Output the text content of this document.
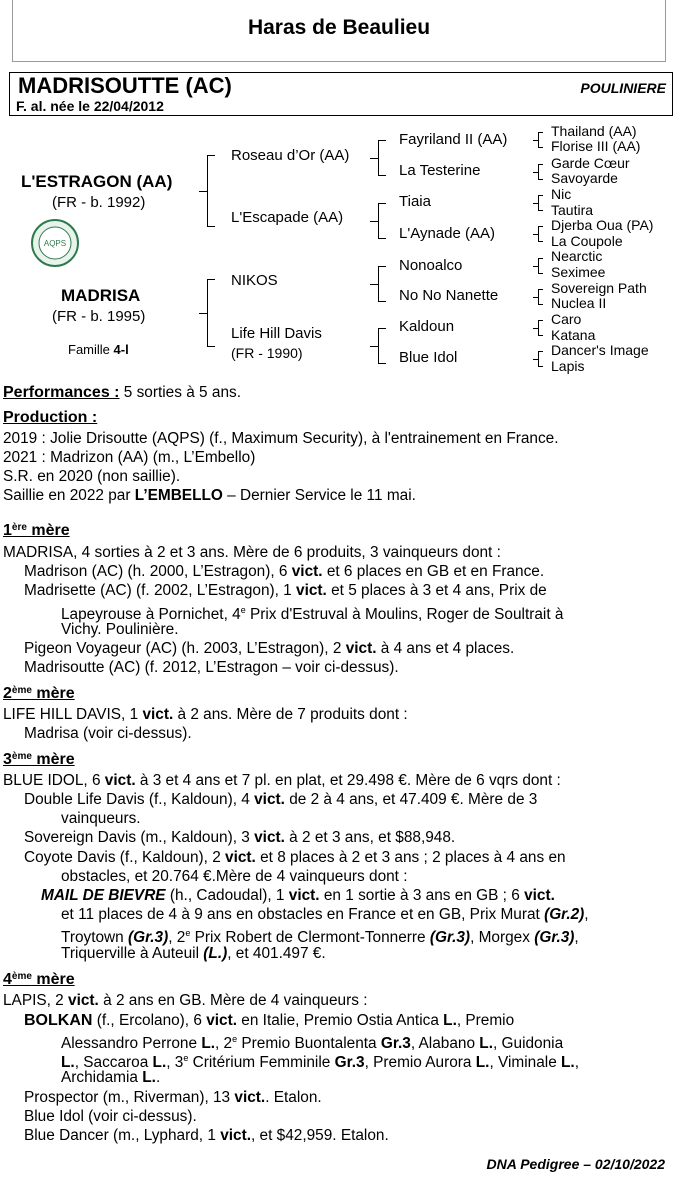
Haras de Beaulieu
MADRISOUTTE (AC)	POULINIERE
F. al. née le 22/04/2012
L'ESTRAGON (AA)
(FR - b. 1992)
AQPS
MADRISA
(FR - b. 1995)
Famille 4-l
Roseau d’Or (AA)
L'Escapade (AA)
NIKOS
Life Hill Davis
(FR - 1990)
Fayriland II (AA)
La Testerine
Tiaia
L'Aynade (AA)
Nonoalco
No No Nanette
Kaldoun
Blue Idol
Thailand (AA)
Florise III (AA)
Garde Cœur
Savoyarde
Nic
Tautira
Djerba Oua (PA)
La Coupole
Nearctic
Seximee
Sovereign Path
Nuclea II
Caro
Katana
Dancer's Image
Lapis
Performances : 5 sorties à 5 ans.
Production :
2019 : Jolie Drisoutte (AQPS) (f., Maximum Security), à l'entrainement en France.
2021 : Madrizon (AA) (m., L’Embello)
S.R. en 2020 (non saillie).
Saillie en 2022 par L’EMBELLO – Dernier Service le 11 mai.
1ère mère
MADRISA, 4 sorties à 2 et 3 ans. Mère de 6 produits, 3 vainqueurs dont :
Madrison (AC) (h. 2000, L’Estragon), 6 vict. et 6 places en GB et en France.
Madrisette (AC) (f. 2002, L’Estragon), 1 vict. et 5 places à 3 et 4 ans, Prix de
Lapeyrouse à Pornichet, 4e Prix d'Estruval à Moulins, Roger de Soultrait à
Vichy. Poulinière.
Pigeon Voyageur (AC) (h. 2003, L’Estragon), 2 vict. à 4 ans et 4 places.
Madrisoutte (AC) (f. 2012, L’Estragon – voir ci-dessus).
2ème mère
LIFE HILL DAVIS, 1 vict. à 2 ans. Mère de 7 produits dont :
Madrisa (voir ci-dessus).
3ème mère
BLUE IDOL, 6 vict. à 3 et 4 ans et 7 pl. en plat, et 29.498 €. Mère de 6 vqrs dont :
Double Life Davis (f., Kaldoun), 4 vict. de 2 à 4 ans, et 47.409 €. Mère de 3
vainqueurs.
Sovereign Davis (m., Kaldoun), 3 vict. à 2 et 3 ans, et $88,948.
Coyote Davis (f., Kaldoun), 2 vict. et 8 places à 2 et 3 ans ; 2 places à 4 ans en
obstacles, et 20.764 €.Mère de 4 vainqueurs dont :
MAIL DE BIEVRE (h., Cadoudal), 1 vict. en 1 sortie à 3 ans en GB ; 6 vict.
et 11 places de 4 à 9 ans en obstacles en France et en GB, Prix Murat (Gr.2),
Troytown (Gr.3), 2e Prix Robert de Clermont-Tonnerre (Gr.3), Morgex (Gr.3),
Triquerville à Auteuil (L.), et 401.497 €.
4ème mère
LAPIS, 2 vict. à 2 ans en GB. Mère de 4 vainqueurs :
BOLKAN (f., Ercolano), 6 vict. en Italie, Premio Ostia Antica L., Premio
Alessandro Perrone L., 2e Premio Buontalenta Gr.3, Alabano L., Guidonia
L., Saccaroa L., 3e Critérium Femminile Gr.3, Premio Aurora L., Viminale L.,
Archidamia L..
Prospector (m., Riverman), 13 vict.. Etalon.
Blue Idol (voir ci-dessus).
Blue Dancer (m., Lyphard, 1 vict., et $42,959. Etalon.
DNA Pedigree – 02/10/2022
